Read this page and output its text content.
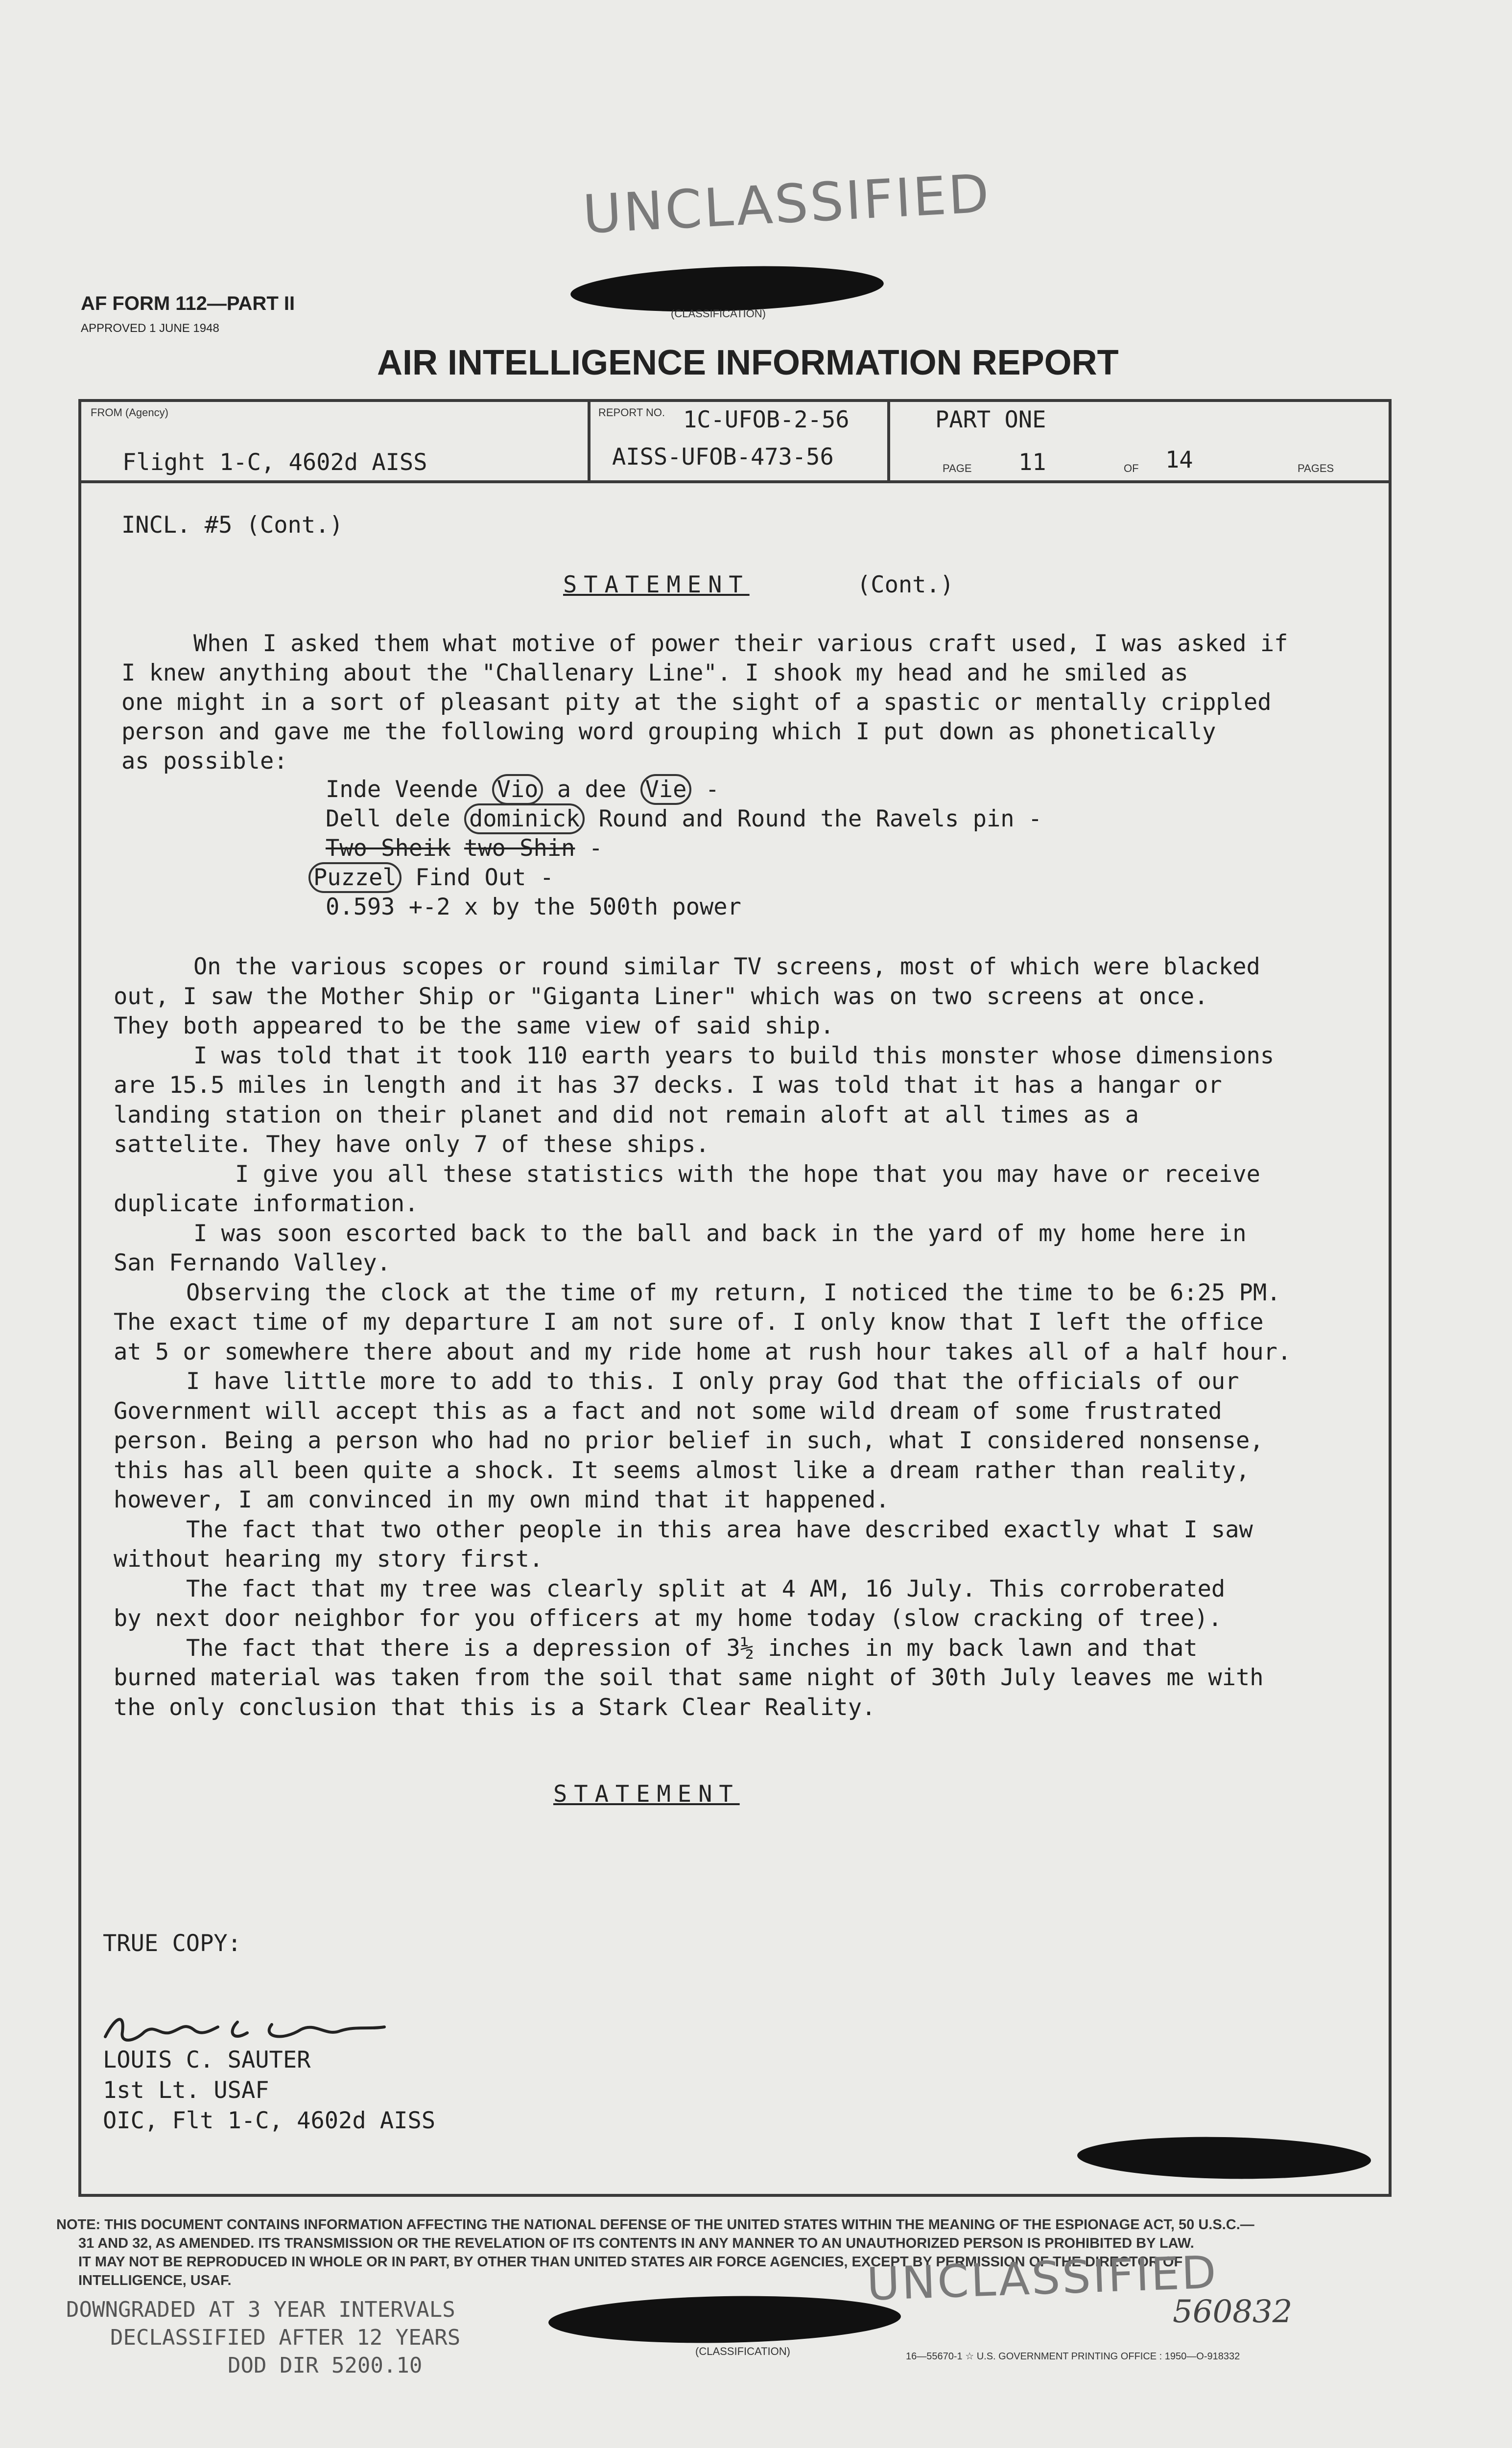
UNCLASSIFIED
(CLASSIFICATION)
AF FORM 112—PART II
APPROVED 1 JUNE 1948
AIR INTELLIGENCE INFORMATION REPORT
FROM (Agency)
Flight 1-C, 4602d AISS
REPORT NO. 1C-UFOB-2-56
AISS-UFOB-473-56
PART ONE
PAGE 11	OF 14	PAGES
INCL. #5 (Cont.)
STATEMENT	(Cont.)
When I asked them what motive of power their various craft used, I was asked if
I knew anything about the "Challenary Line". I shook my head and he smiled as
one might in a sort of pleasant pity at the sight of a spastic or mentally crippled
person and gave me the following word grouping which I put down as phonetically
as possible:
Inde Veende Vio a dee Vie -
Dell dele dominick Round and Round the Ravels pin -
Two Sheik two Shin -
Puzzel Find Out -
0.593 +-2 x by the 500th power
On the various scopes or round similar TV screens, most of which were blacked
out, I saw the Mother Ship or "Giganta Liner" which was on two screens at once.
They both appeared to be the same view of said ship.
I was told that it took 110 earth years to build this monster whose dimensions
are 15.5 miles in length and it has 37 decks. I was told that it has a hangar or
landing station on their planet and did not remain aloft at all times as a
sattelite. They have only 7 of these ships.
I give you all these statistics with the hope that you may have or receive
duplicate information.
I was soon escorted back to the ball and back in the yard of my home here in
San Fernando Valley.
Observing the clock at the time of my return, I noticed the time to be 6:25 PM.
The exact time of my departure I am not sure of. I only know that I left the office
at 5 or somewhere there about and my ride home at rush hour takes all of a half hour.
I have little more to add to this. I only pray God that the officials of our
Government will accept this as a fact and not some wild dream of some frustrated
person. Being a person who had no prior belief in such, what I considered nonsense,
this has all been quite a shock. It seems almost like a dream rather than reality,
however, I am convinced in my own mind that it happened.
The fact that two other people in this area have described exactly what I saw
without hearing my story first.
The fact that my tree was clearly split at 4 AM, 16 July. This corroberated
by next door neighbor for you officers at my home today (slow cracking of tree).
The fact that there is a depression of 3½ inches in my back lawn and that
burned material was taken from the soil that same night of 30th July leaves me with
the only conclusion that this is a Stark Clear Reality.
STATEMENT
TRUE COPY:
LOUIS C. SAUTER
1st Lt. USAF
OIC, Flt 1-C, 4602d AISS
NOTE: THIS DOCUMENT CONTAINS INFORMATION AFFECTING THE NATIONAL DEFENSE OF THE UNITED STATES WITHIN THE MEANING OF THE ESPIONAGE ACT, 50 U.S.C.—
31 AND 32, AS AMENDED. ITS TRANSMISSION OR THE REVELATION OF ITS CONTENTS IN ANY MANNER TO AN UNAUTHORIZED PERSON IS PROHIBITED BY LAW.
IT MAY NOT BE REPRODUCED IN WHOLE OR IN PART, BY OTHER THAN UNITED STATES AIR FORCE AGENCIES, EXCEPT BY PERMISSION OF THE DIRECTOR OF
INTELLIGENCE, USAF.	UNCLASSIFIED
(CLASSIFICATION)
DOWNGRADED AT 3 YEAR INTERVALS
DECLASSIFIED AFTER 12 YEARS
DOD DIR 5200.10
560832
16—55670-1 ☆ U.S. GOVERNMENT PRINTING OFFICE : 1950—O-918332
